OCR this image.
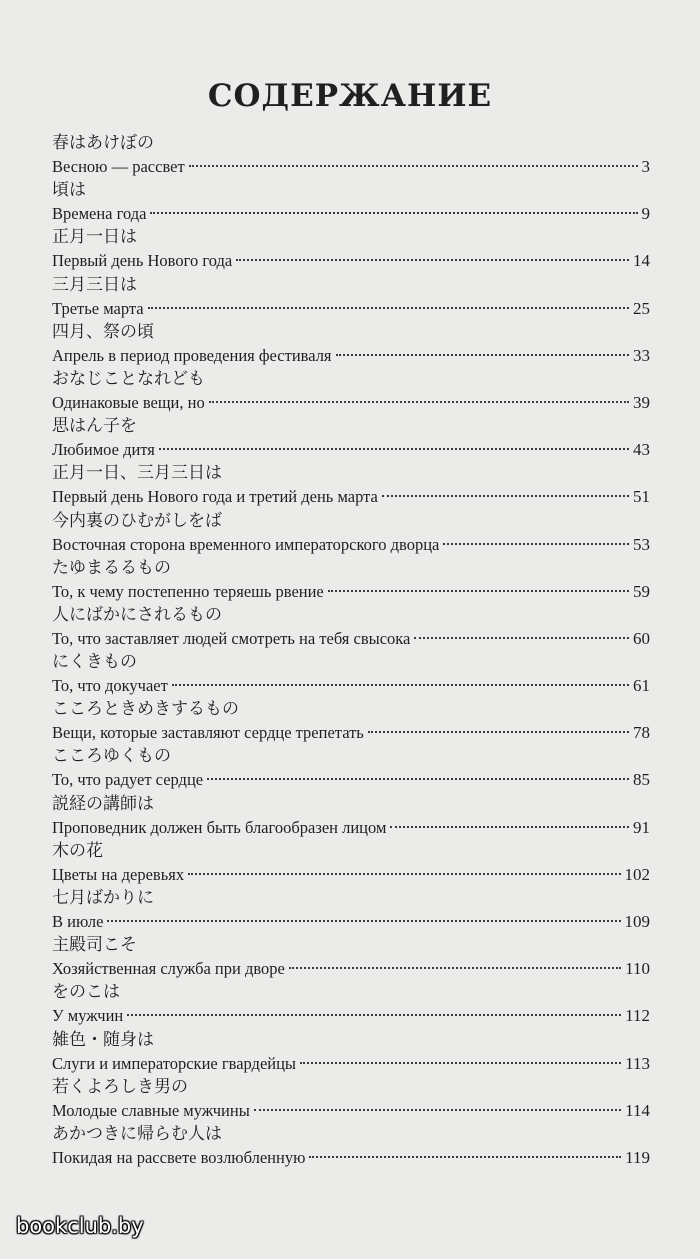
СОДЕРЖАНИЕ
春はあけぼの
Весною — рассвет	3
頃は
Времена года	9
正月一日は
Первый день Нового года	14
三月三日は
Третье марта	25
四月、祭の頃
Апрель в период проведения фестиваля	33
おなじことなれども
Одинаковые вещи, но	39
思はん子を
Любимое дитя	43
正月一日、三月三日は
Первый день Нового года и третий день марта	51
今内裏のひむがしをば
Восточная сторона временного императорского дворца	53
たゆまるるもの
То, к чему постепенно теряешь рвение	59
人にばかにされるもの
То, что заставляет людей смотреть на тебя свысока	60
にくきもの
То, что докучает	61
こころときめきするもの
Вещи, которые заставляют сердце трепетать	78
こころゆくもの
То, что радует сердце	85
説経の講師は
Проповедник должен быть благообразен лицом	91
木の花
Цветы на деревьях	102
七月ばかりに
В июле	109
主殿司こそ
Хозяйственная служба при дворе	110
をのこは
У мужчин	112
雑色・随身は
Слуги и императорские гвардейцы	113
若くよろしき男の
Молодые славные мужчины	114
あかつきに帰らむ人は
Покидая на рассвете возлюбленную	119
bookclub.by
